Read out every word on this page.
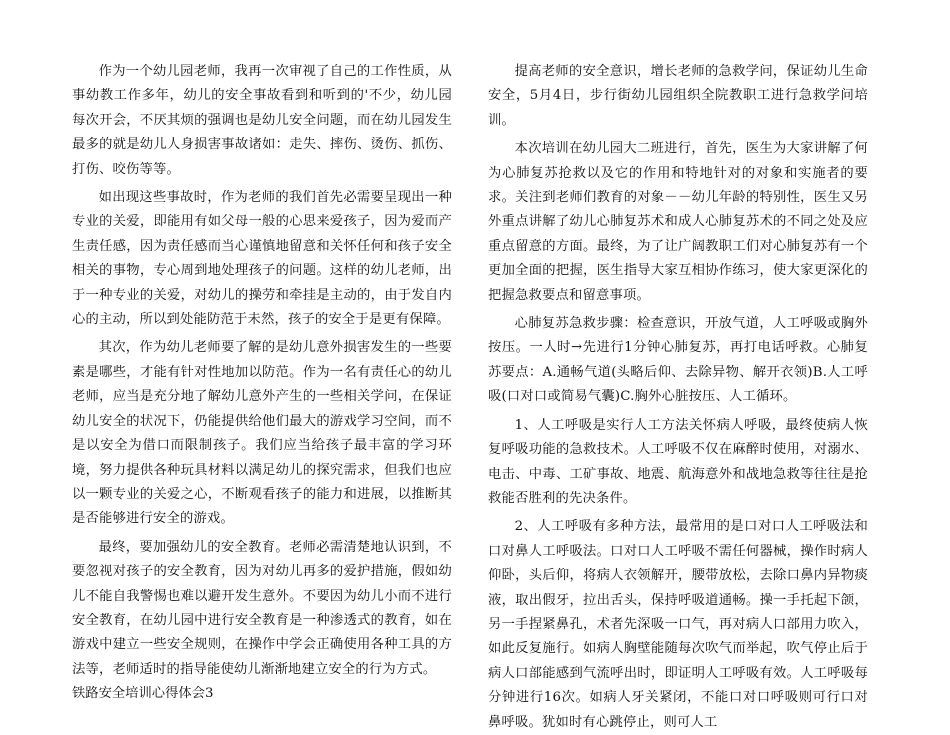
作为一个幼儿园老师，我再一次审视了自己的工作性质，从事幼教工作多年，幼儿的安全事故看到和听到的'不少，幼儿园每次开会，不厌其烦的强调也是幼儿安全问题，而在幼儿园发生最多的就是幼儿人身损害事故诸如：走失、摔伤、烫伤、抓伤、打伤、咬伤等等。

如出现这些事故时，作为老师的我们首先必需要呈现出一种专业的关爱，即能用有如父母一般的心思来爱孩子，因为爱而产生责任感，因为责任感而当心谨慎地留意和关怀任何和孩子安全相关的事物，专心周到地处理孩子的问题。这样的幼儿老师，出于一种专业的关爱，对幼儿的操劳和牵挂是主动的，由于发自内心的主动，所以到处能防范于未然，孩子的安全于是更有保障。

其次，作为幼儿老师要了解的是幼儿意外损害发生的一些要素是哪些，才能有针对性地加以防范。作为一名有责任心的幼儿老师，应当是充分地了解幼儿意外产生的一些相关学问，在保证幼儿安全的状况下，仍能提供给他们最大的游戏学习空间，而不是以安全为借口而限制孩子。我们应当给孩子最丰富的学习环境，努力提供各种玩具材料以满足幼儿的探究需求，但我们也应以一颗专业的关爱之心，不断观看孩子的能力和进展，以推断其是否能够进行安全的游戏。

最终，要加强幼儿的安全教育。老师必需清楚地认识到，不要忽视对孩子的安全教育，因为对幼儿再多的爱护措施，假如幼儿不能自我警惕也难以避开发生意外。不要因为幼儿小而不进行安全教育，在幼儿园中进行安全教育是一种渗透式的教育，如在游戏中建立一些安全规则，在操作中学会正确使用各种工具的方法等，老师适时的指导能使幼儿渐渐地建立安全的行为方式。

铁路安全培训心得体会3

提高老师的安全意识，增长老师的急救学问，保证幼儿生命安全，5月4日，步行街幼儿园组织全院教职工进行急救学问培训。

本次培训在幼儿园大二班进行，首先，医生为大家讲解了何为心肺复苏抢救以及它的作用和特地针对的对象和实施者的要求。关注到老师们教育的对象－－幼儿年龄的特别性，医生又另外重点讲解了幼儿心肺复苏术和成人心肺复苏术的不同之处及应重点留意的方面。最终，为了让广阔教职工们对心肺复苏有一个更加全面的把握，医生指导大家互相协作练习，使大家更深化的把握急救要点和留意事项。

心肺复苏急救步骤：检查意识，开放气道，人工呼吸或胸外按压。一人时→先进行1分钟心肺复苏，再打电话呼救。心肺复苏要点：A.通畅气道(头略后仰、去除异物、解开衣领)B.人工呼吸(口对口或简易气囊)C.胸外心脏按压、人工循环。

1、人工呼吸是实行人工方法关怀病人呼吸，最终使病人恢复呼吸功能的急救技术。人工呼吸不仅在麻醉时使用，对溺水、电击、中毒、工矿事故、地震、航海意外和战地急救等往往是抢救能否胜利的先决条件。

2、人工呼吸有多种方法，最常用的是口对口人工呼吸法和口对鼻人工呼吸法。口对口人工呼吸不需任何器械，操作时病人仰卧，头后仰，将病人衣领解开，腰带放松，去除口鼻内异物痰液，取出假牙，拉出舌头，保持呼吸道通畅。操一手托起下颌，另一手捏紧鼻孔，术者先深吸一口气，再对病人口部用力吹入，如此反复施行。如病人胸壁能随每次吹气而举起，吹气停止后于病人口部能感到气流呼出时，即证明人工呼吸有效。人工呼吸每分钟进行16次。如病人牙关紧闭，不能口对口呼吸则可行口对鼻呼吸。犹如时有心跳停止，则可人工
